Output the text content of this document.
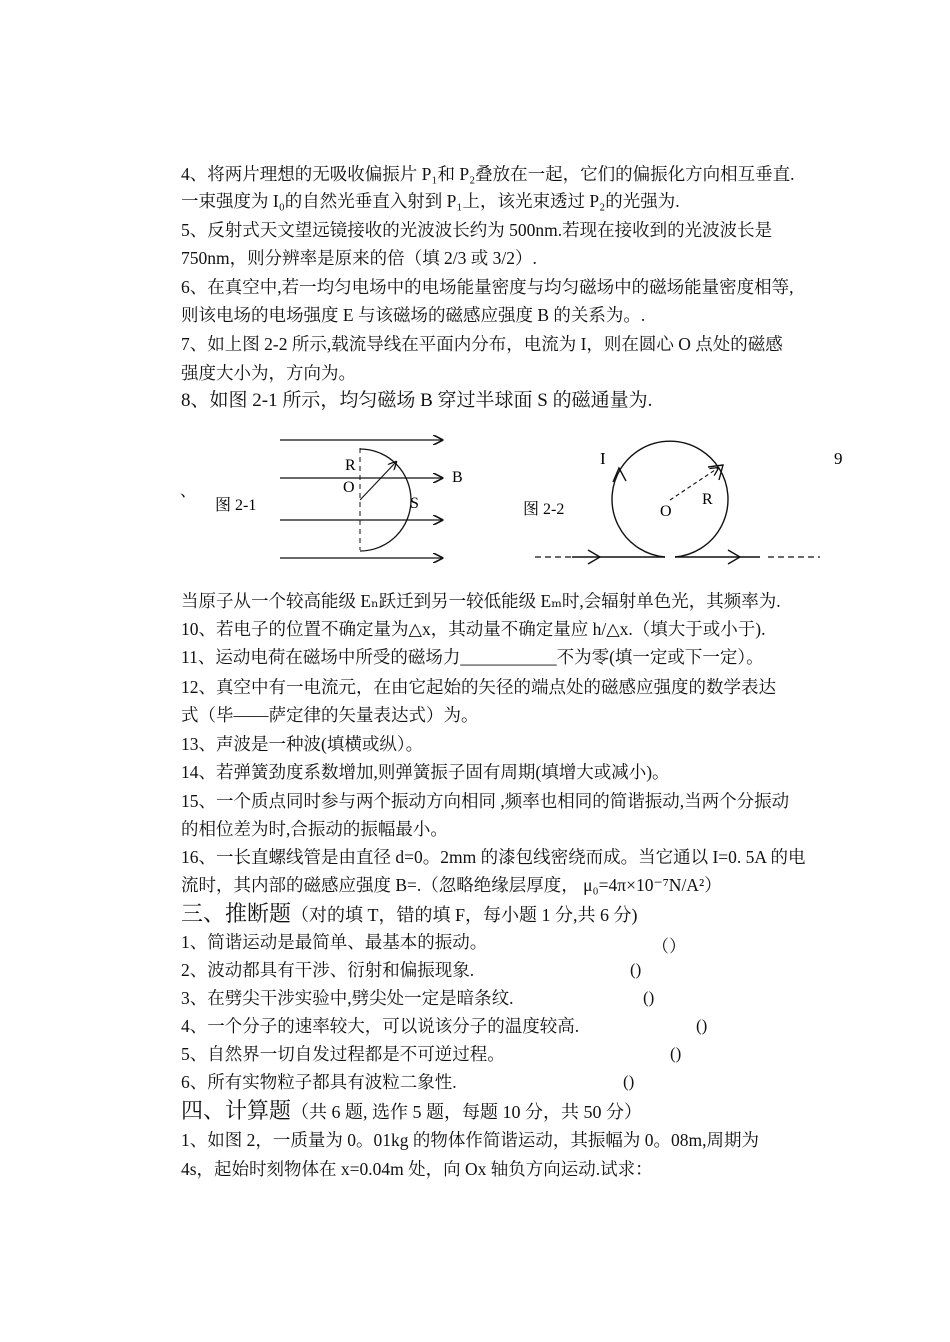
4、将两片理想的无吸收偏振片 P₁和 P₂叠放在一起，它们的偏振化方向相互垂直.
一束强度为 I₀的自然光垂直入射到 P₁上，该光束透过 P₂的光强为.
5、反射式天文望远镜接收的光波波长约为 500nm.若现在接收到的光波波长是
750nm，则分辨率是原来的倍（填 2/3 或 3/2）.
6、在真空中,若一均匀电场中的电场能量密度与均匀磁场中的磁场能量密度相等,
则该电场的电场强度 E 与该磁场的磁感应强度 B 的关系为。.
7、如上图 2-2 所示,载流导线在平面内分布，电流为 I，则在圆心 O 点处的磁感
强度大小为，方向为。
8、如图 2-1 所示，均匀磁场 B 穿过半球面 S 的磁通量为.
R
O
B
S
图 2-1
I
O
R
图 2-2
9
、
当原子从一个较高能级 Eₙ跃迁到另一较低能级 Eₘ时,会辐射单色光，其频率为.
10、若电子的位置不确定量为△x，其动量不确定量应 h/△x.（填大于或小于).
11、运动电荷在磁场中所受的磁场力___________不为零(填一定或下一定）。
12、真空中有一电流元，在由它起始的矢径的端点处的磁感应强度的数学表达
式（毕——萨定律的矢量表达式）为。
13、声波是一种波(填横或纵）。
14、若弹簧劲度系数增加,则弹簧振子固有周期(填增大或减小)。
15、一个质点同时参与两个振动方向相同 ,频率也相同的简谐振动,当两个分振动
的相位差为时,合振动的振幅最小。
16、一长直螺线管是由直径 d=0。2mm 的漆包线密绕而成。当它通以 I=0. 5A 的电
流时，其内部的磁感应强度 B=.（忽略绝缘层厚度， μ₀=4π×10⁻⁷N/A²）
三、推断题（对的填 T，错的填 F，每小题 1 分,共 6 分)
1、简谐运动是最简单、最基本的振动。	（）
2、波动都具有干涉、衍射和偏振现象.	()
3、在劈尖干涉实验中,劈尖处一定是暗条纹.	()
4、一个分子的速率较大，可以说该分子的温度较高.	()
5、自然界一切自发过程都是不可逆过程。	()
6、所有实物粒子都具有波粒二象性.	()
四、计算题（共 6 题, 选作 5 题，每题 10 分，共 50 分）
1、如图 2，一质量为 0。01kg 的物体作简谐运动，其振幅为 0。08m,周期为
4s，起始时刻物体在 x=0.04m 处，向 Ox 轴负方向运动.试求：
